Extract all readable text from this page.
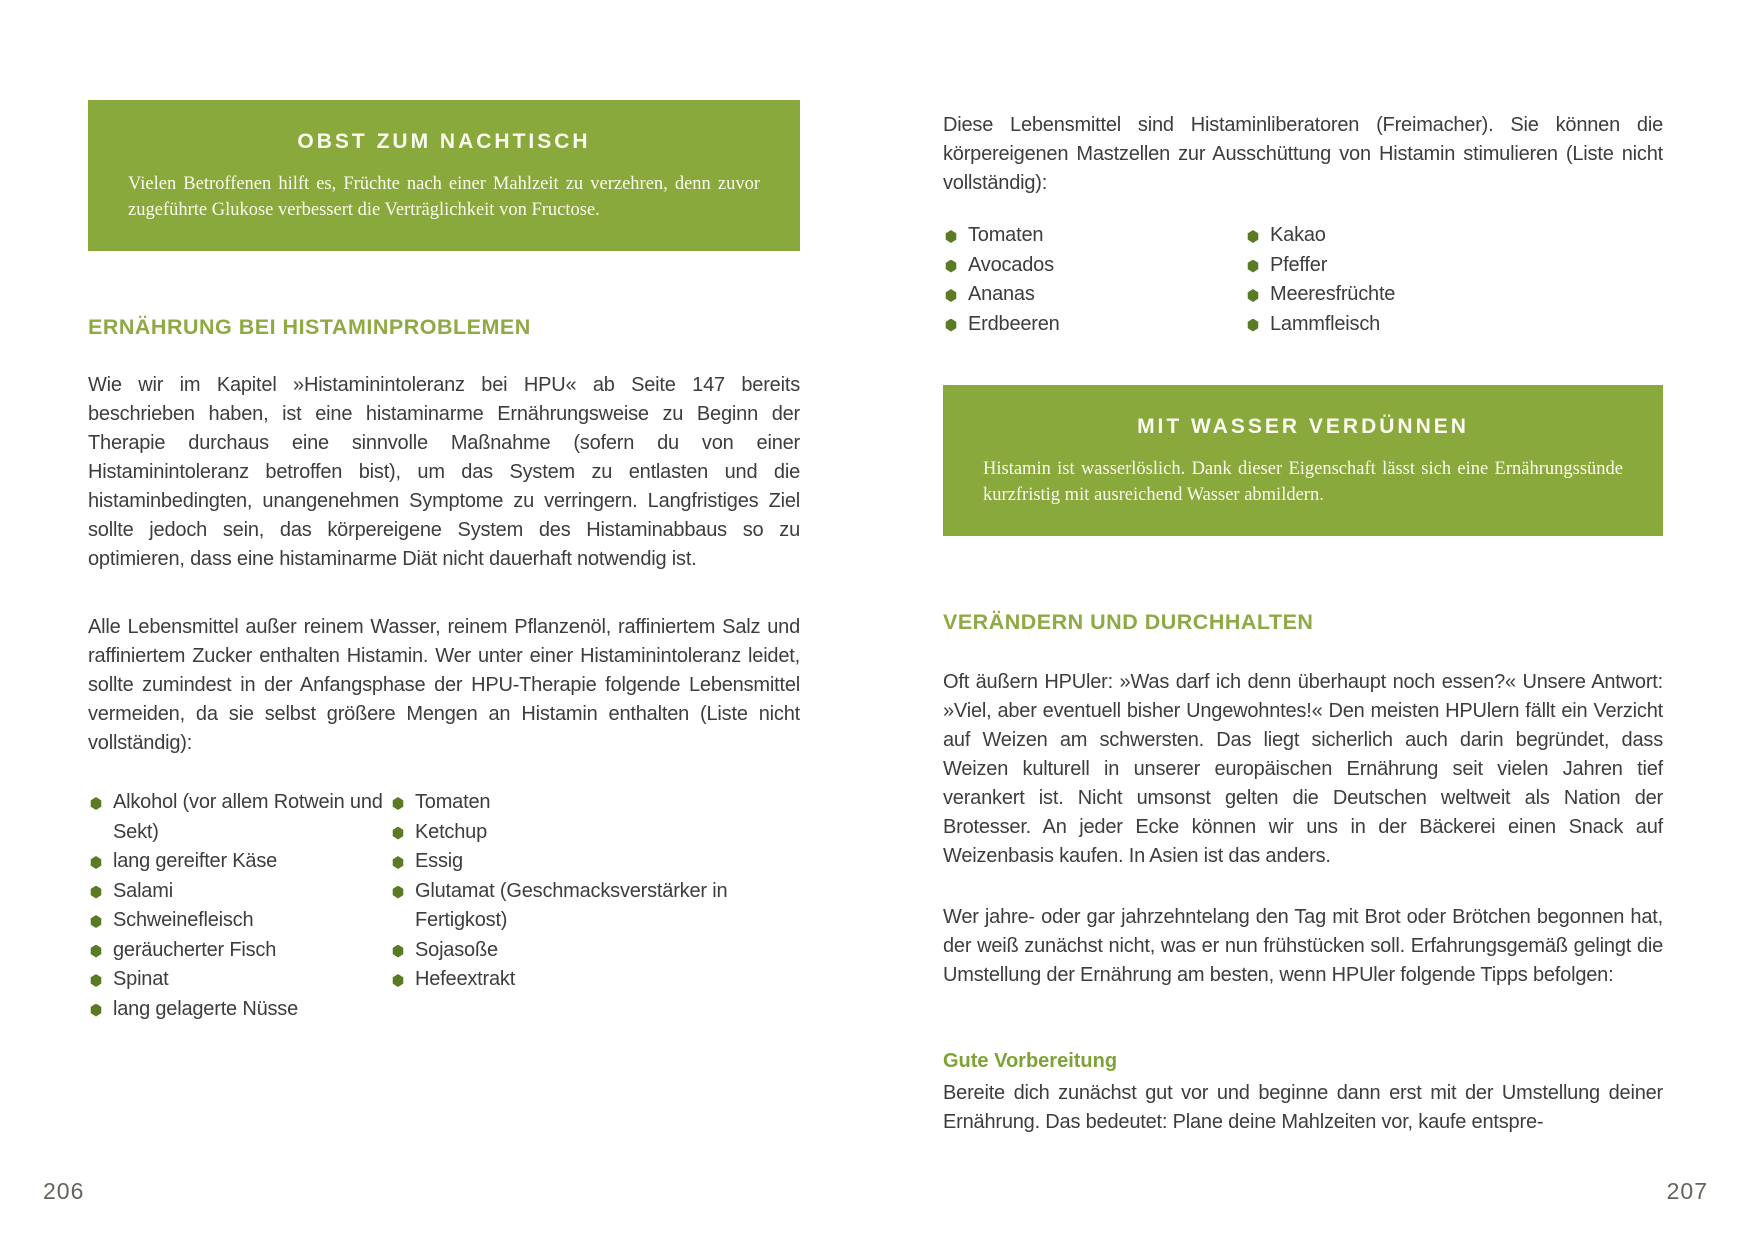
OBST ZUM NACHTISCH

Vielen Betroffenen hilft es, Früchte nach einer Mahlzeit zu verzehren, denn zuvor zugeführte Glukose verbessert die Verträglichkeit von Fructose.

ERNÄHRUNG BEI HISTAMINPROBLEMEN

Wie wir im Kapitel »Histaminintoleranz bei HPU« ab Seite 147 bereits beschrieben haben, ist eine histaminarme Ernährungsweise zu Beginn der Therapie durchaus eine sinnvolle Maßnahme (sofern du von einer Histaminintoleranz betroffen bist), um das System zu entlasten und die histaminbedingten, unangenehmen Symptome zu verringern. Langfristiges Ziel sollte jedoch sein, das körpereigene System des Histaminabbaus so zu optimieren, dass eine histaminarme Diät nicht dauerhaft notwendig ist.

Alle Lebensmittel außer reinem Wasser, reinem Pflanzenöl, raffiniertem Salz und raffiniertem Zucker enthalten Histamin. Wer unter einer Histaminintoleranz leidet, sollte zumindest in der Anfangsphase der HPU-Therapie folgende Lebensmittel vermeiden, da sie selbst größere Mengen an Histamin enthalten (Liste nicht vollständig):

Alkohol (vor allem Rotwein und Sekt)
lang gereifter Käse
Salami
Schweinefleisch
geräucherter Fisch
Spinat
lang gelagerte Nüsse
Tomaten
Ketchup
Essig
Glutamat (Geschmacksverstärker in Fertigkost)
Sojasoße
Hefeextrakt
206

Diese Lebensmittel sind Histaminliberatoren (Freimacher). Sie können die körpereigenen Mastzellen zur Ausschüttung von Histamin stimulieren (Liste nicht vollständig):

Tomaten
Avocados
Ananas
Erdbeeren
Kakao
Pfeffer
Meeresfrüchte
Lammfleisch
MIT WASSER VERDÜNNEN

Histamin ist wasserlöslich. Dank dieser Eigenschaft lässt sich eine Ernährungssünde kurzfristig mit ausreichend Wasser abmildern.

VERÄNDERN UND DURCHHALTEN

Oft äußern HPUler: »Was darf ich denn überhaupt noch essen?« Unsere Antwort: »Viel, aber eventuell bisher Ungewohntes!« Den meisten HPUlern fällt ein Verzicht auf Weizen am schwersten. Das liegt sicherlich auch darin begründet, dass Weizen kulturell in unserer europäischen Ernährung seit vielen Jahren tief verankert ist. Nicht umsonst gelten die Deutschen weltweit als Nation der Brotesser. An jeder Ecke können wir uns in der Bäckerei einen Snack auf Weizenbasis kaufen. In Asien ist das anders.

Wer jahre- oder gar jahrzehntelang den Tag mit Brot oder Brötchen begonnen hat, der weiß zunächst nicht, was er nun frühstücken soll. Erfahrungsgemäß gelingt die Umstellung der Ernährung am besten, wenn HPUler folgende Tipps befolgen:

Gute Vorbereitung

Bereite dich zunächst gut vor und beginne dann erst mit der Umstellung deiner Ernährung. Das bedeutet: Plane deine Mahlzeiten vor, kaufe entspre-

207
